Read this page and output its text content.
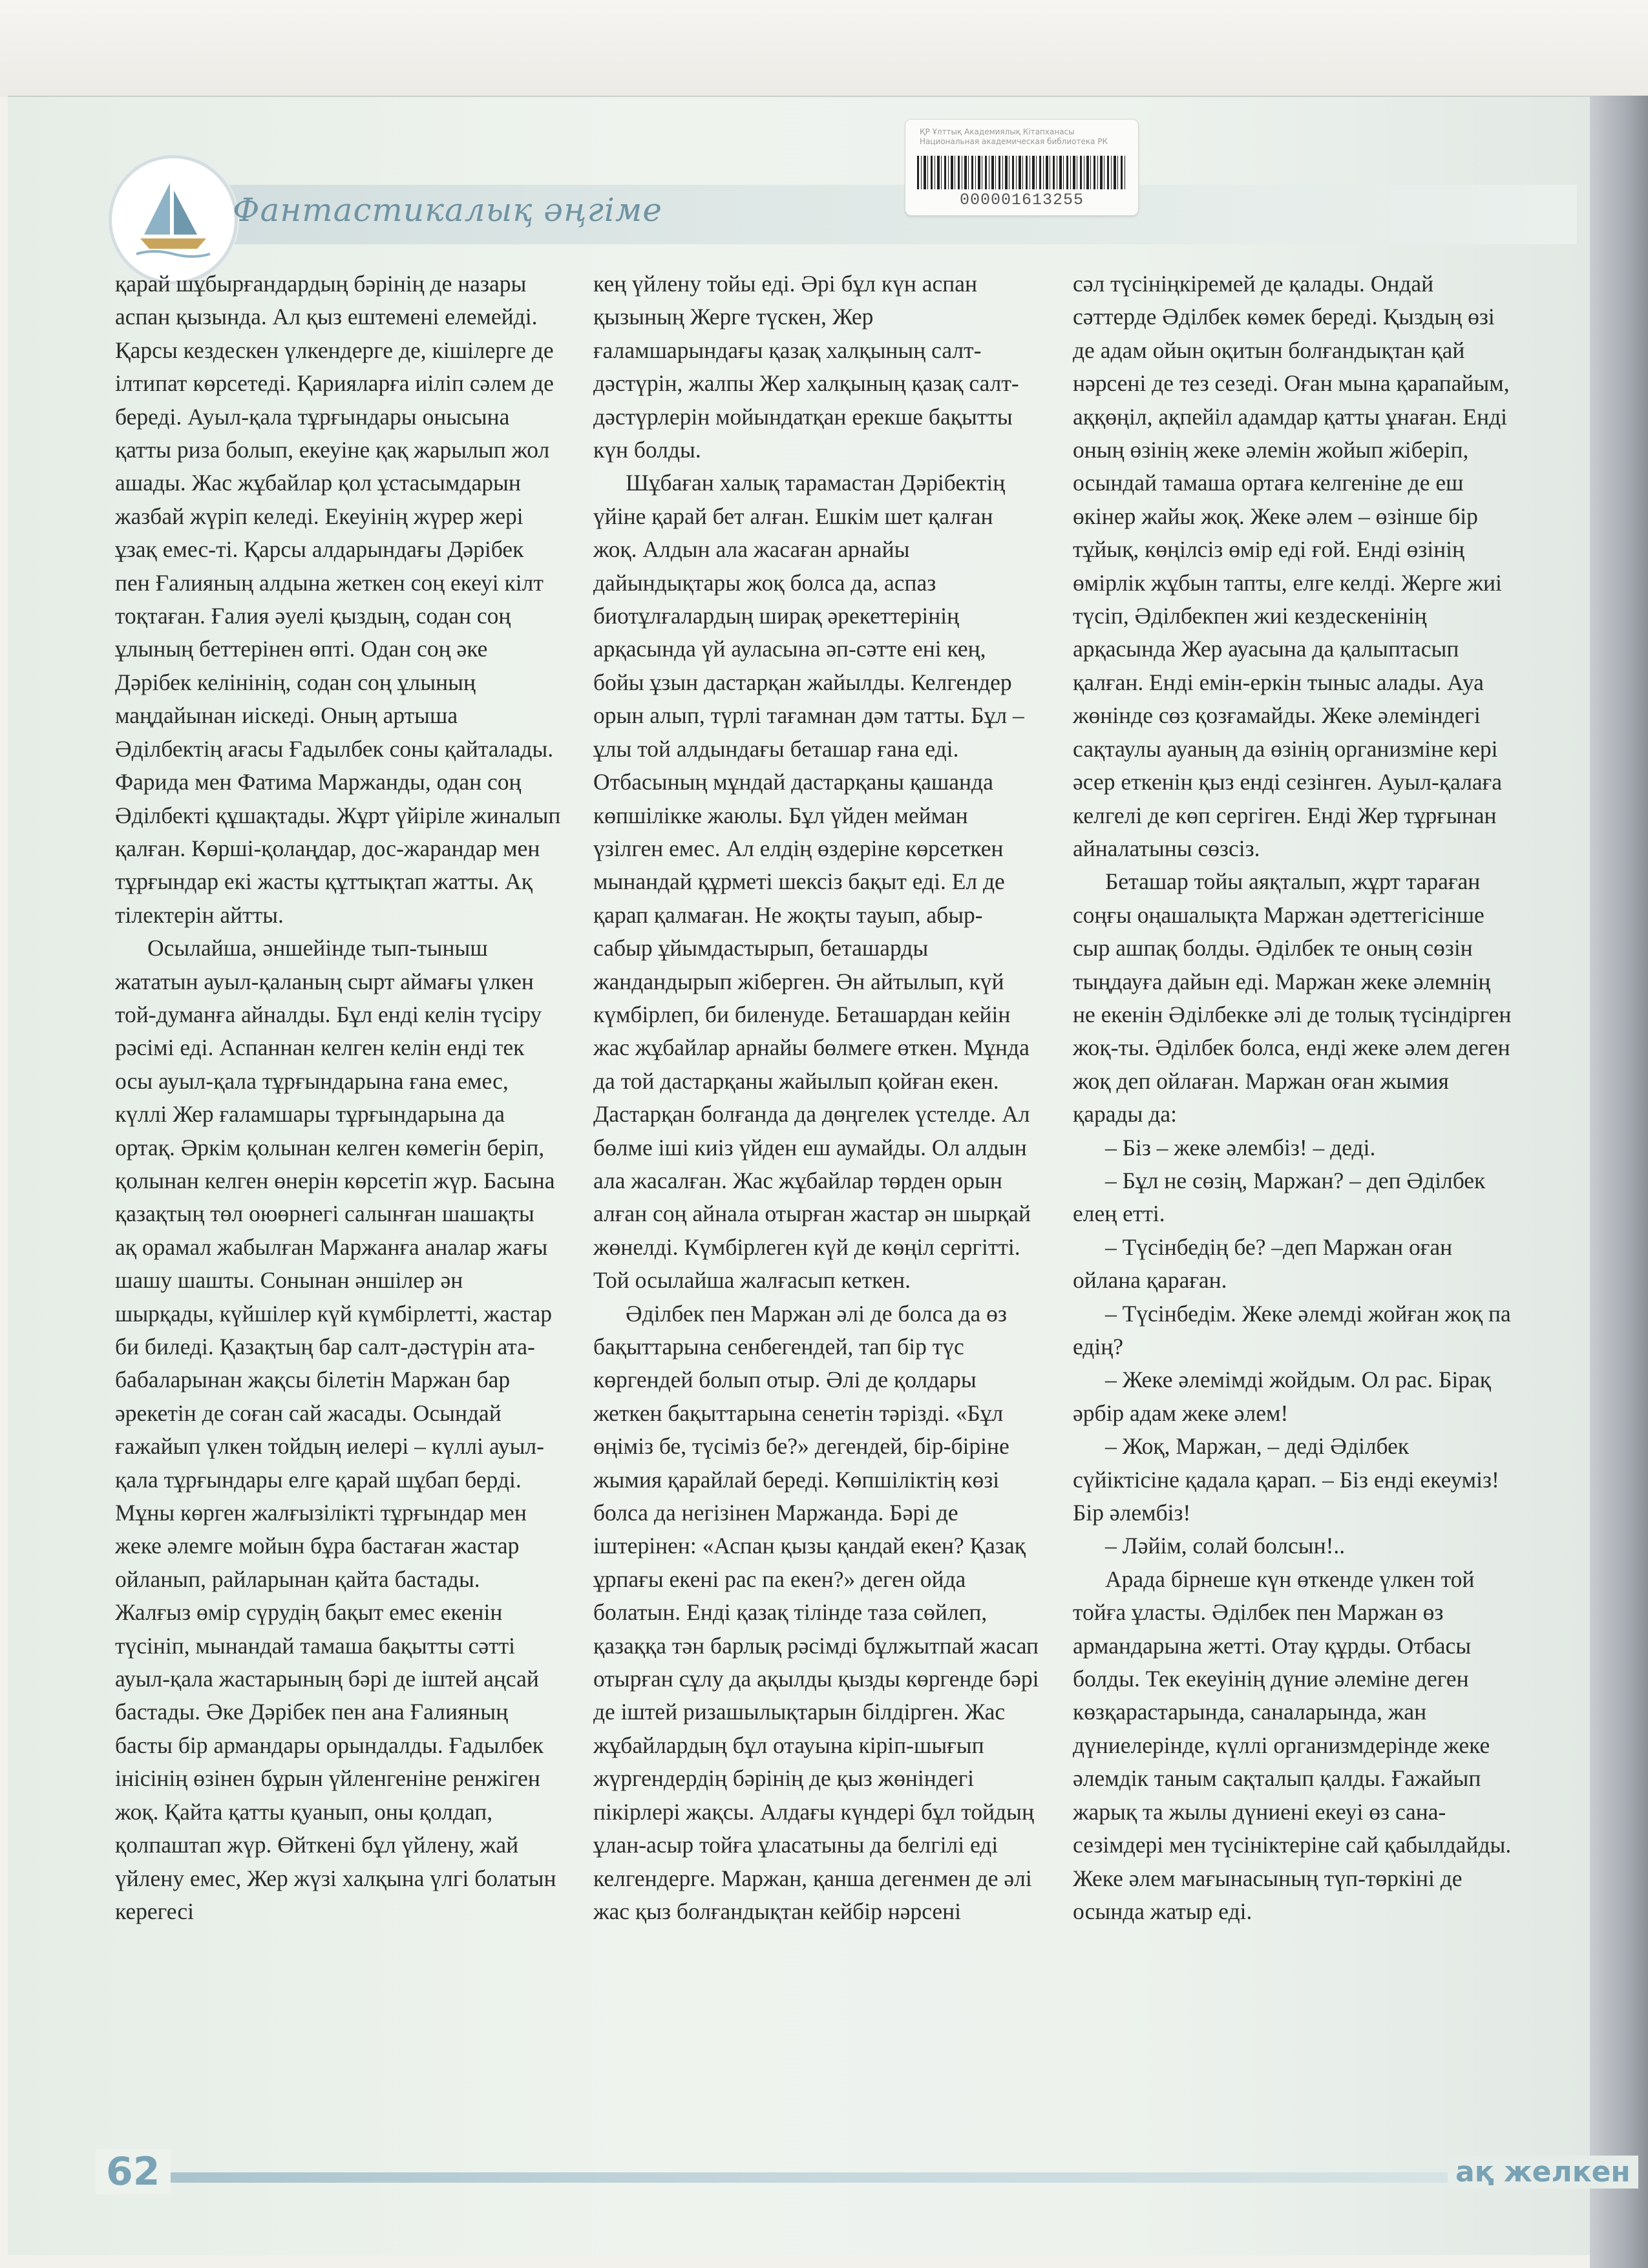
Фантастикалық әңгіме
ҚР Ұлттық Академиялық Кітапханасы
Национальная академическая библиотека РК
000001613255

қарай шұбырғандардың бәрінің де назары аспан қызында. Ал қыз ештемені елемейді. Қарсы кездескен үлкендерге де, кішілерге де ілтипат көрсетеді. Қарияларға иіліп сәлем де береді. Ауыл-қала тұрғындары онысына қатты риза болып, екеуіне қақ жарылып жол ашады. Жас жұбайлар қол ұстасымдарын жазбай жүріп келеді. Екеуінің жүрер жері ұзақ емес-ті. Қарсы алдарындағы Дәрібек пен Ғалияның алдына жеткен соң екеуі кілт тоқтаған. Ғалия әуелі қыздың, содан соң ұлының беттерінен өпті. Одан соң әке Дәрібек келінінің, содан соң ұлының маңдайынан иіскеді. Оның артыша Әділбектің ағасы Ғадылбек соны қайталады. Фарида мен Фатима Маржанды, одан соң Әділбекті құшақтады. Жұрт үйіріле жиналып қалған. Көрші-қолаңдар, дос-жарандар мен тұрғындар екі жасты құттықтап жатты. Ақ тілектерін айтты.

Осылайша, әншейінде тып-тыныш жататын ауыл-қаланың сырт аймағы үлкен той-думанға айналды. Бұл енді келін түсіру рәсімі еді. Аспаннан келген келін енді тек осы ауыл-қала тұрғындарына ғана емес, күллі Жер ғаламшары тұрғындарына да ортақ. Әркім қолынан келген көмегін беріп, қолынан келген өнерін көрсетіп жүр. Басына қазақтың төл оюөрнегі салынған шашақты ақ орамал жабылған Маржанға аналар жағы шашу шашты. Сонынан әншілер ән шырқады, күйшілер күй күмбірлетті, жастар би биледі. Қазақтың бар салт-дәстүрін ата-бабаларынан жақсы білетін Маржан бар әрекетін де соған сай жасады. Осындай ғажайып үлкен тойдың иелері – күллі ауыл-қала тұрғындары елге қарай шұбап берді. Мұны көрген жалғызілікті тұрғындар мен жеке әлемге мойын бұра бастаған жастар ойланып, райларынан қайта бастады. Жалғыз өмір сүрудің бақыт емес екенін түсініп, мынандай тамаша бақытты сәтті ауыл-қала жастарының бәрі де іштей аңсай бастады. Әке Дәрібек пен ана Ғалияның басты бір армандары орындалды. Ғадылбек інісінің өзінен бұрын үйленгеніне ренжіген жоқ. Қайта қатты қуанып, оны қолдап, қолпаштап жүр. Өйткені бұл үйлену, жай үйлену емес, Жер жүзі халқына үлгі болатын керегесі

кең үйлену тойы еді. Әрі бұл күн аспан қызының Жерге түскен, Жер ғаламшарындағы қазақ халқының салт-дәстүрін, жалпы Жер халқының қазақ салт-дәстүрлерін мойындатқан ерекше бақытты күн болды.

Шұбаған халық тарамастан Дәрібектің үйіне қарай бет алған. Ешкім шет қалған жоқ. Алдын ала жасаған арнайы дайындықтары жоқ болса да, аспаз биотұлғалардың ширақ әрекеттерінің арқасында үй ауласына әп-сәтте ені кең, бойы ұзын дастарқан жайылды. Келгендер орын алып, түрлі тағамнан дәм татты. Бұл – ұлы той алдындағы беташар ғана еді. Отбасының мұндай дастарқаны қашанда көпшілікке жаюлы. Бұл үйден мейман үзілген емес. Ал елдің өздеріне көрсеткен мынандай құрметі шексіз бақыт еді. Ел де қарап қалмаған. Не жоқты тауып, абыр-сабыр ұйымдастырып, беташарды жандандырып жіберген. Ән айтылып, күй күмбірлеп, би биленуде. Беташардан кейін жас жұбайлар арнайы бөлмеге өткен. Мұнда да той дастарқаны жайылып қойған екен. Дастарқан болғанда да дөңгелек үстелде. Ал бөлме іші киіз үйден еш аумайды. Ол алдын ала жасалған. Жас жұбайлар төрден орын алған соң айнала отырған жастар ән шырқай жөнелді. Күмбірлеген күй де көңіл сергітті. Той осылайша жалғасып кеткен.

Әділбек пен Маржан әлі де болса да өз бақыттарына сенбегендей, тап бір түс көргендей болып отыр. Әлі де қолдары жеткен бақыттарына сенетін тәрізді. «Бұл өңіміз бе, түсіміз бе?» дегендей, бір-біріне жымия қарайлай береді. Көпшіліктің көзі болса да негізінен Маржанда. Бәрі де іштерінен: «Аспан қызы қандай екен? Қазақ ұрпағы екені рас па екен?» деген ойда болатын. Енді қазақ тілінде таза сөйлеп, қазаққа тән барлық рәсімді бұлжытпай жасап отырған сұлу да ақылды қызды көргенде бәрі де іштей ризашылықтарын білдірген. Жас жұбайлардың бұл отауына кіріп-шығып жүргендердің бәрінің де қыз жөніндегі пікірлері жақсы. Алдағы күндері бұл тойдың ұлан-асыр тойға ұласатыны да белгілі еді келгендерге. Маржан, қанша дегенмен де әлі жас қыз болғандықтан кейбір нәрсені

сәл түсініңкіремей де қалады. Ондай сәттерде Әділбек көмек береді. Қыздың өзі де адам ойын оқитын болғандықтан қай нәрсені де тез сезеді. Оған мына қарапайым, аққөңіл, ақпейіл адамдар қатты ұнаған. Енді оның өзінің жеке әлемін жойып жіберіп, осындай тамаша ортаға келгеніне де еш өкінер жайы жоқ. Жеке әлем – өзінше бір тұйық, көңілсіз өмір еді ғой. Енді өзінің өмірлік жұбын тапты, елге келді. Жерге жиі түсіп, Әділбекпен жиі кездескенінің арқасында Жер ауасына да қалыптасып қалған. Енді емін-еркін тыныс алады. Ауа жөнінде сөз қозғамайды. Жеке әлеміндегі сақтаулы ауаның да өзінің организміне кері әсер еткенін қыз енді сезінген. Ауыл-қалаға келгелі де көп сергіген. Енді Жер тұрғынан айналатыны сөзсіз.

Беташар тойы аяқталып, жұрт тараған соңғы оңашалықта Маржан әдеттегісінше сыр ашпақ болды. Әділбек те оның сөзін тыңдауға дайын еді. Маржан жеке әлемнің не екенін Әділбекке әлі де толық түсіндірген жоқ-ты. Әділбек болса, енді жеке әлем деген жоқ деп ойлаған. Маржан оған жымия қарады да:

– Біз – жеке әлембіз! – деді.

– Бұл не сөзің, Маржан? – деп Әділбек елең етті.

– Түсінбедің бе? –деп Маржан оған ойлана қараған.

– Түсінбедім. Жеке әлемді жойған жоқ па едің?

– Жеке әлемімді жойдым. Ол рас. Бірақ әрбір адам жеке әлем!

– Жоқ, Маржан, – деді Әділбек сүйіктісіне қадала қарап. – Біз енді екеуміз! Бір әлембіз!

– Ләйім, солай болсын!..

Арада бірнеше күн өткенде үлкен той тойға ұласты. Әділбек пен Маржан өз армандарына жетті. Отау құрды. Отбасы болды. Тек екеуінің дүние әлеміне деген көзқарастарында, саналарында, жан дүниелерінде, күллі организмдерінде жеке әлемдік таным сақталып қалды. Ғажайып жарық та жылы дүниені екеуі өз сана-сезімдері мен түсініктеріне сай қабылдайды. Жеке әлем мағынасының түп-төркіні де осында жатыр еді.

62	ақ желкен
